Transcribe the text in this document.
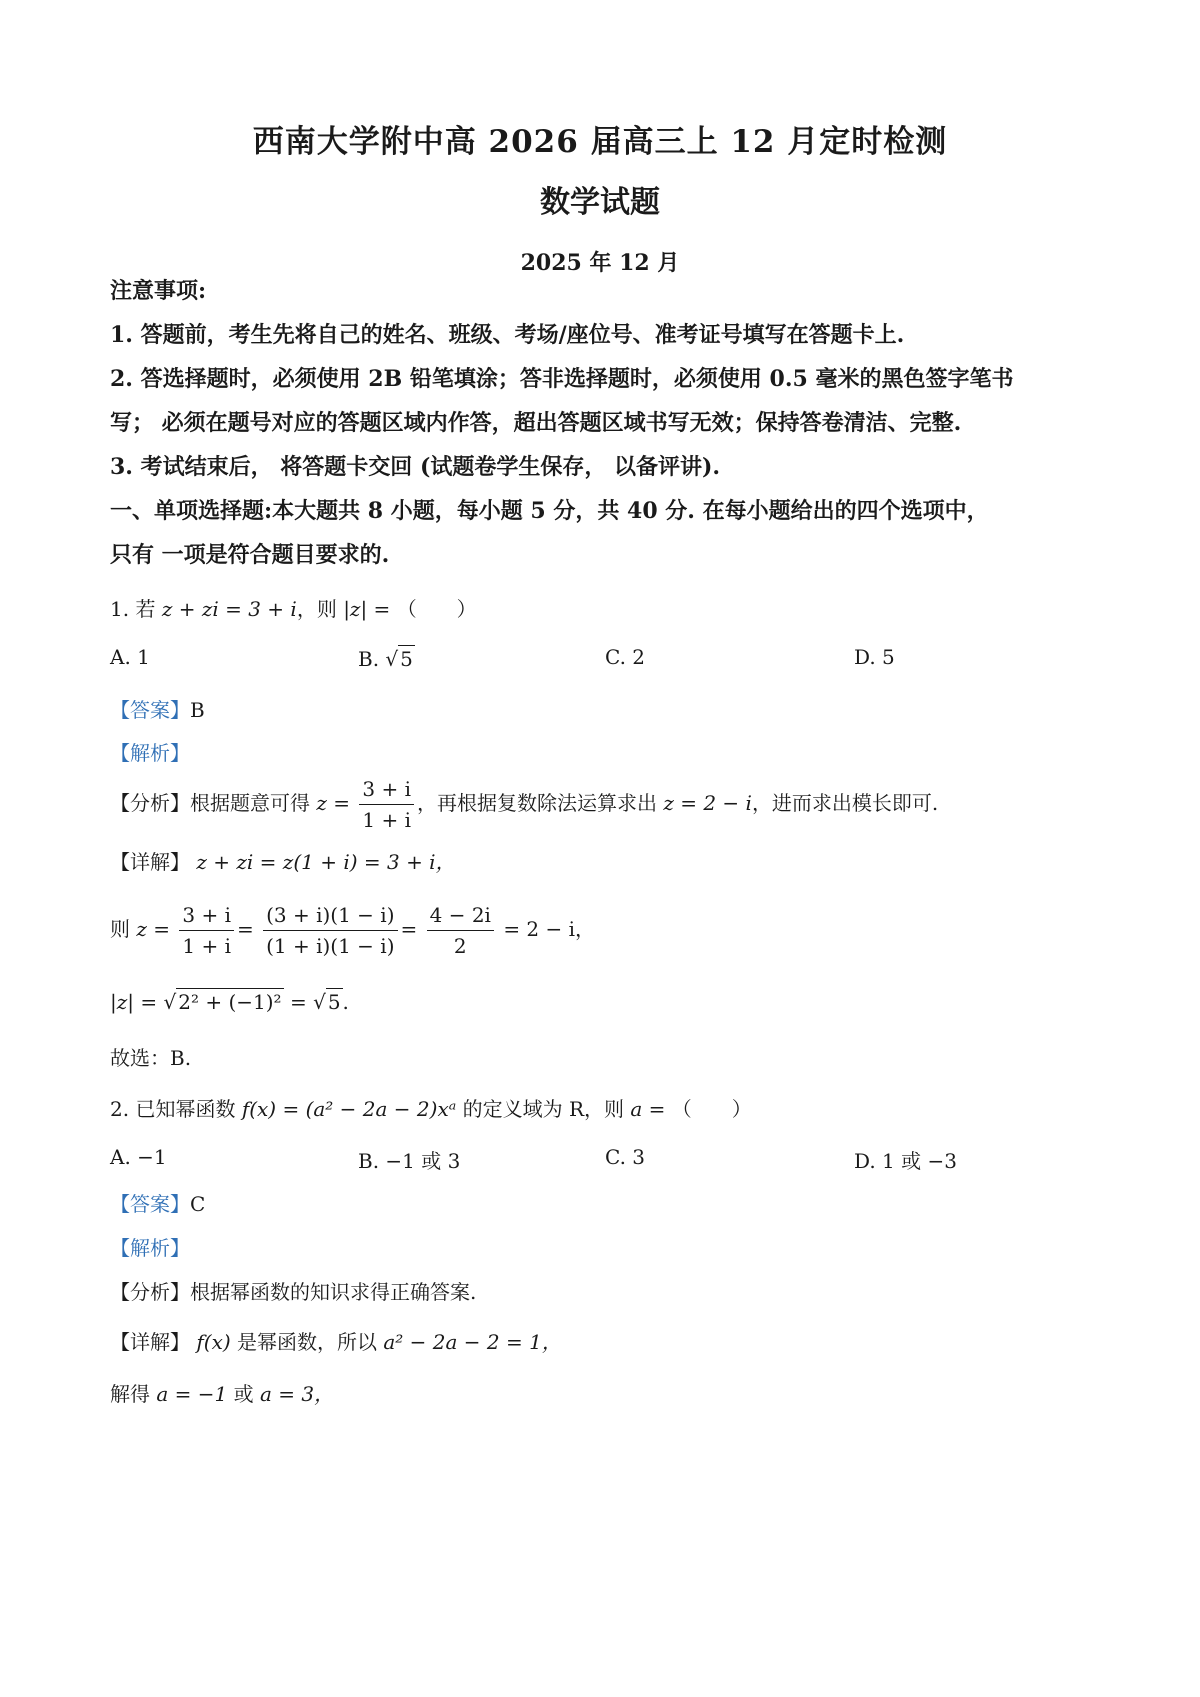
西南大学附中高 2026 届高三上 12 月定时检测
数学试题
2025 年 12 月
注意事项:
1. 答题前，考生先将自己的姓名、班级、考场/座位号、准考证号填写在答题卡上.
2. 答选择题时，必须使用 2B 铅笔填涂；答非选择题时，必须使用 0.5 毫米的黑色签字笔书
写； 必须在题号对应的答题区域内作答，超出答题区域书写无效；保持答卷清洁、完整.
3. 考试结束后， 将答题卡交回 (试题卷学生保存， 以备评讲).
一、单项选择题:本大题共 8 小题，每小题 5 分，共 40 分. 在每小题给出的四个选项中，
只有 一项是符合题目要求的.
1. 若 z + zi = 3 + i，则 |z| = （　　）
A. 1	B. √ 5	C. 2	D. 5
【答案】B
【解析】
【分析】根据题意可得 $z = \frac{3 + i}{1 + i}$ ，再根据复数除法运算求出 z = 2 − i，进而求出模长即可.
【详解】 z + zi = z(1 + i) = 3 + i，
则 $z = \frac{3 + i}{1 + i} = \frac{(3 + i)(1 - i)}{(1 + i)(1 - i)} = \frac{4 - 2i}{2} = 2 - i$，
|z| = √ 2² + (−1)² = √ 5 .
故选：B.
2. 已知幂函数 f(x) = (a² − 2a − 2)xᵃ 的定义域为 R，则 a = （　　）
A. −1	B. −1 或 3	C. 3	D. 1 或 −3
【答案】C
【解析】
【分析】根据幂函数的知识求得正确答案.
【详解】 f(x) 是幂函数，所以 a² − 2a − 2 = 1，
解得 a = −1 或 a = 3，
